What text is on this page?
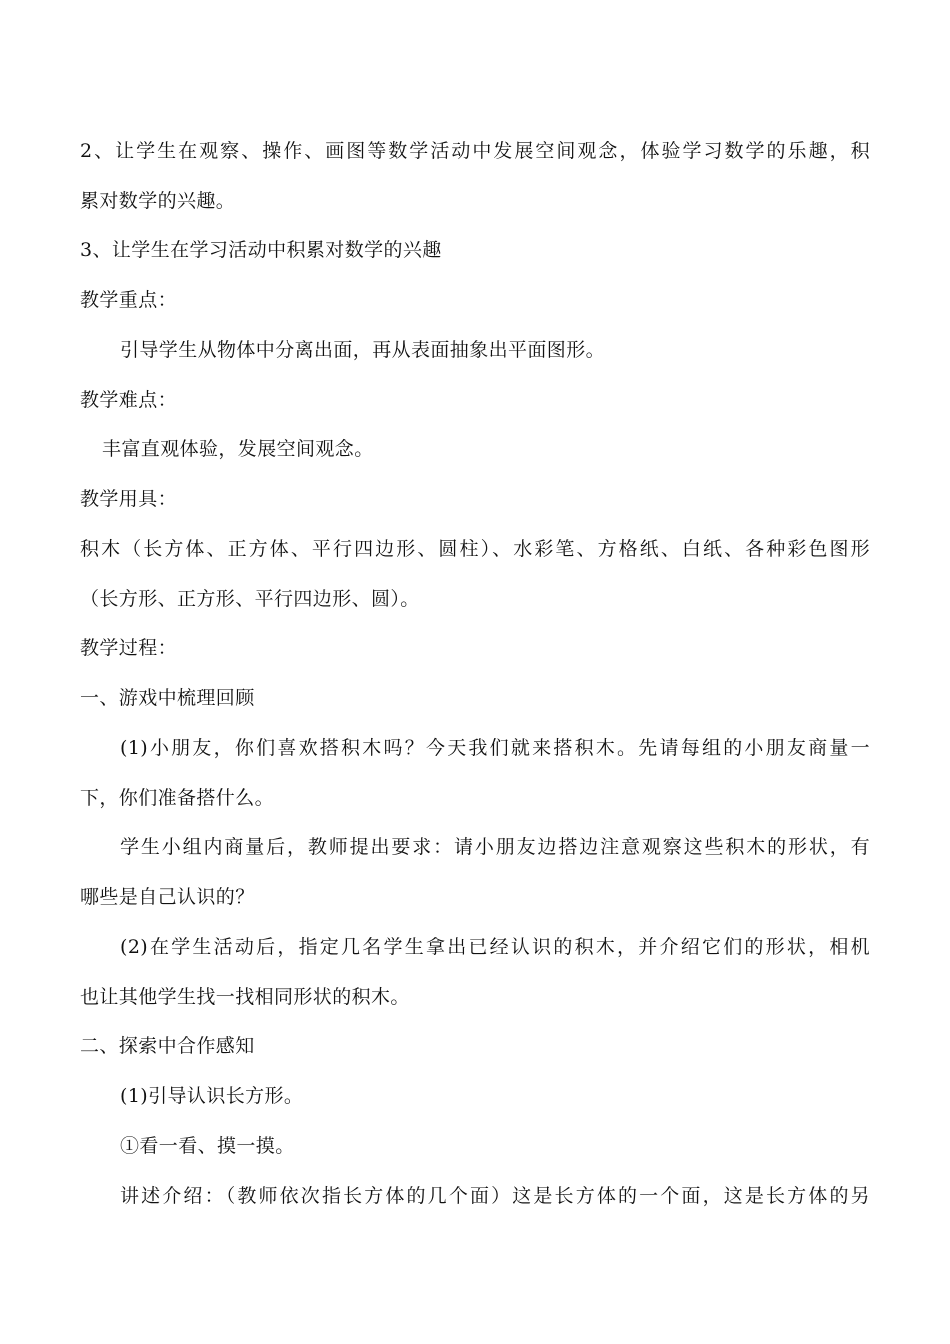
2、让学生在观察、操作、画图等数学活动中发展空间观念，体验学习数学的乐趣，积
累对数学的兴趣。
3、让学生在学习活动中积累对数学的兴趣
教学重点：
引导学生从物体中分离出面，再从表面抽象出平面图形。
教学难点：
丰富直观体验，发展空间观念。
教学用具：
积木（长方体、正方体、平行四边形、圆柱）、水彩笔、方格纸、白纸、各种彩色图形
（长方形、正方形、平行四边形、圆）。
教学过程：
一、游戏中梳理回顾
(1)小朋友，你们喜欢搭积木吗？今天我们就来搭积木。先请每组的小朋友商量一
下，你们准备搭什么。
学生小组内商量后，教师提出要求：请小朋友边搭边注意观察这些积木的形状，有
哪些是自己认识的？
(2)在学生活动后，指定几名学生拿出已经认识的积木，并介绍它们的形状，相机
也让其他学生找一找相同形状的积木。
二、探索中合作感知
(1)引导认识长方形。
①看一看、摸一摸。
讲述介绍：（教师依次指长方体的几个面）这是长方体的一个面，这是长方体的另
